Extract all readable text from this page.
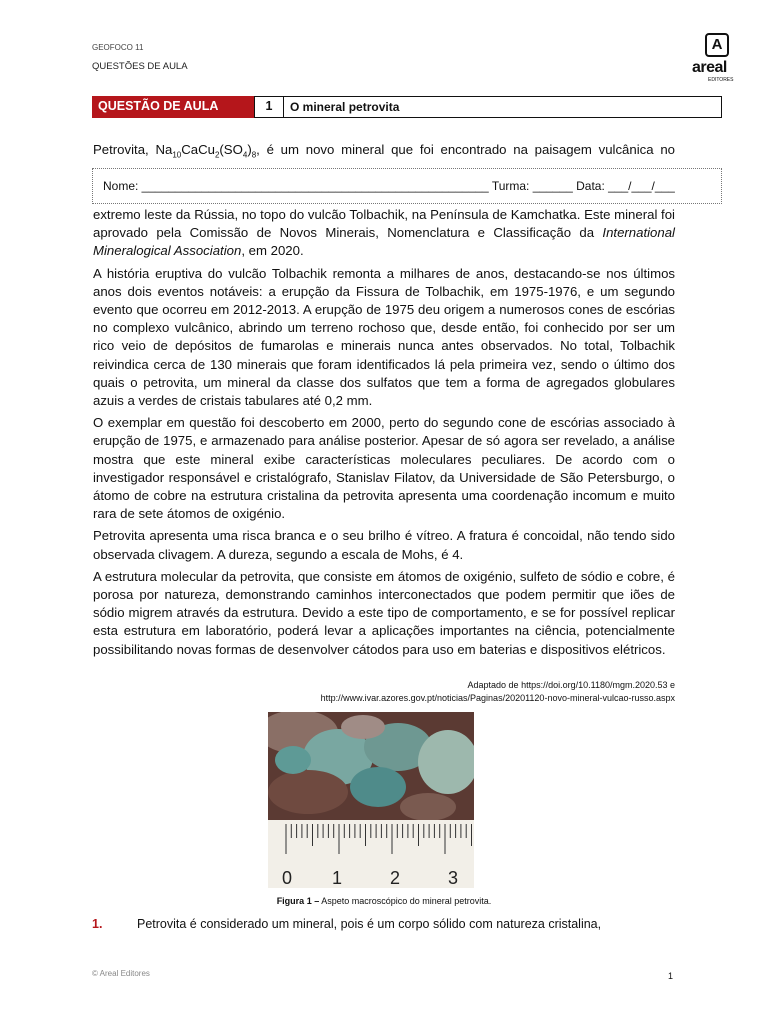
GEOFOCO 11
QUESTÕES DE AULA
A
areal
EDITORES
QUESTÃO DE AULA	1	O mineral petrovita
Petrovita, $Na_{10}CaCu_2(SO_4)_8$, é um novo mineral que foi encontrado na paisagem vulcânica no
Nome: ____________________________________________________ Turma: ______ Data: ___/___/___

extremo leste da Rússia, no topo do vulcão Tolbachik, na Península de Kamchatka. Este mineral foi aprovado pela Comissão de Novos Minerais, Nomenclatura e Classificação da International Mineralogical Association, em 2020.

A história eruptiva do vulcão Tolbachik remonta a milhares de anos, destacando-se nos últimos anos dois eventos notáveis: a erupção da Fissura de Tolbachik, em 1975-1976, e um segundo evento que ocorreu em 2012-2013. A erupção de 1975 deu origem a numerosos cones de escórias no complexo vulcânico, abrindo um terreno rochoso que, desde então, foi conhecido por ser um rico veio de depósitos de fumarolas e minerais nunca antes observados. No total, Tolbachik reivindica cerca de 130 minerais que foram identificados lá pela primeira vez, sendo o último dos quais o petrovita, um mineral da classe dos sulfatos que tem a forma de agregados globulares azuis a verdes de cristais tabulares até 0,2 mm.

O exemplar em questão foi descoberto em 2000, perto do segundo cone de escórias associado à erupção de 1975, e armazenado para análise posterior. Apesar de só agora ser revelado, a análise mostra que este mineral exibe características moleculares peculiares. De acordo com o investigador responsável e cristalógrafo, Stanislav Filatov, da Universidade de São Petersburgo, o átomo de cobre na estrutura cristalina da petrovita apresenta uma coordenação incomum e muito rara de sete átomos de oxigénio.

Petrovita apresenta uma risca branca e o seu brilho é vítreo. A fratura é concoidal, não tendo sido observada clivagem. A dureza, segundo a escala de Mohs, é 4.

A estrutura molecular da petrovita, que consiste em átomos de oxigénio, sulfeto de sódio e cobre, é porosa por natureza, demonstrando caminhos interconectados que podem permitir que iões de sódio migrem através da estrutura. Devido a este tipo de comportamento, e se for possível replicar esta estrutura em laboratório, poderá levar a aplicações importantes na ciência, potencialmente possibilitando novas formas de desenvolver cátodos para uso em baterias e dispositivos elétricos.

Adaptado de https://doi.org/10.1180/mgm.2020.53 e
http://www.ivar.azores.gov.pt/noticias/Paginas/20201120-novo-mineral-vulcao-russo.aspx
0 1	2	3
Figura 1 – Aspeto macroscópico do mineral petrovita.
1.	Petrovita é considerado um mineral, pois é um corpo sólido com natureza cristalina,
© Areal Editores	1
